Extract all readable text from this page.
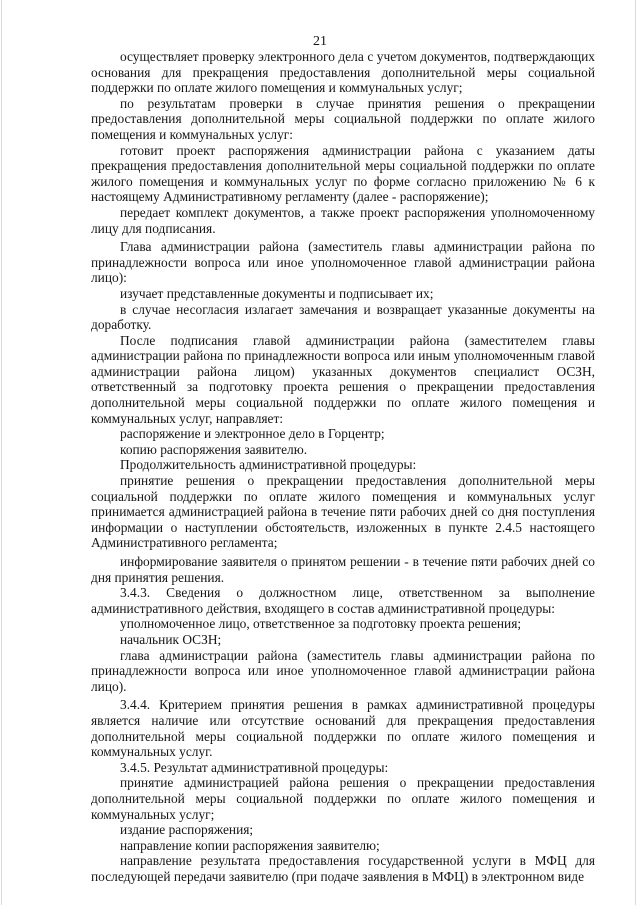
21

осуществляет проверку электронного дела с учетом документов, подтверждающих основания для прекращения предоставления дополнительной меры социальной поддержки по оплате жилого помещения и коммунальных услуг;

по результатам проверки в случае принятия решения о прекращении предоставления дополнительной меры социальной поддержки по оплате жилого помещения и коммунальных услуг:

готовит проект распоряжения администрации района с указанием даты прекращения предоставления дополнительной меры социальной поддержки по оплате жилого помещения и коммунальных услуг по форме согласно приложению № 6 к настоящему Административному регламенту (далее - распоряжение);

передает комплект документов, а также проект распоряжения уполномоченному лицу для подписания.

Глава администрации района (заместитель главы администрации района по принадлежности вопроса или иное уполномоченное главой администрации района лицо):

изучает представленные документы и подписывает их;

в случае несогласия излагает замечания и возвращает указанные документы на доработку.

После подписания главой администрации района (заместителем главы администрации района по принадлежности вопроса или иным уполномоченным главой администрации района лицом) указанных документов специалист ОСЗН, ответственный за подготовку проекта решения о прекращении предоставления дополнительной меры социальной поддержки по оплате жилого помещения и коммунальных услуг, направляет:

распоряжение и электронное дело в Горцентр;

копию распоряжения заявителю.

Продолжительность административной процедуры:

принятие решения о прекращении предоставления дополнительной меры социальной поддержки по оплате жилого помещения и коммунальных услуг принимается администрацией района в течение пяти рабочих дней со дня поступления информации о наступлении обстоятельств, изложенных в пункте 2.4.5 настоящего Административного регламента;

информирование заявителя о принятом решении - в течение пяти рабочих дней со дня принятия решения.

3.4.3. Сведения о должностном лице, ответственном за выполнение административного действия, входящего в состав административной процедуры:

уполномоченное лицо, ответственное за подготовку проекта решения;

начальник ОСЗН;

глава администрации района (заместитель главы администрации района по принадлежности вопроса или иное уполномоченное главой администрации района лицо).

3.4.4. Критерием принятия решения в рамках административной процедуры является наличие или отсутствие оснований для прекращения предоставления дополнительной меры социальной поддержки по оплате жилого помещения и коммунальных услуг.

3.4.5. Результат административной процедуры:

принятие администрацией района решения о прекращении предоставления дополнительной меры социальной поддержки по оплате жилого помещения и коммунальных услуг;

издание распоряжения;

направление копии распоряжения заявителю;

направление результата предоставления государственной услуги в МФЦ для последующей передачи заявителю (при подаче заявления в МФЦ) в электронном виде
